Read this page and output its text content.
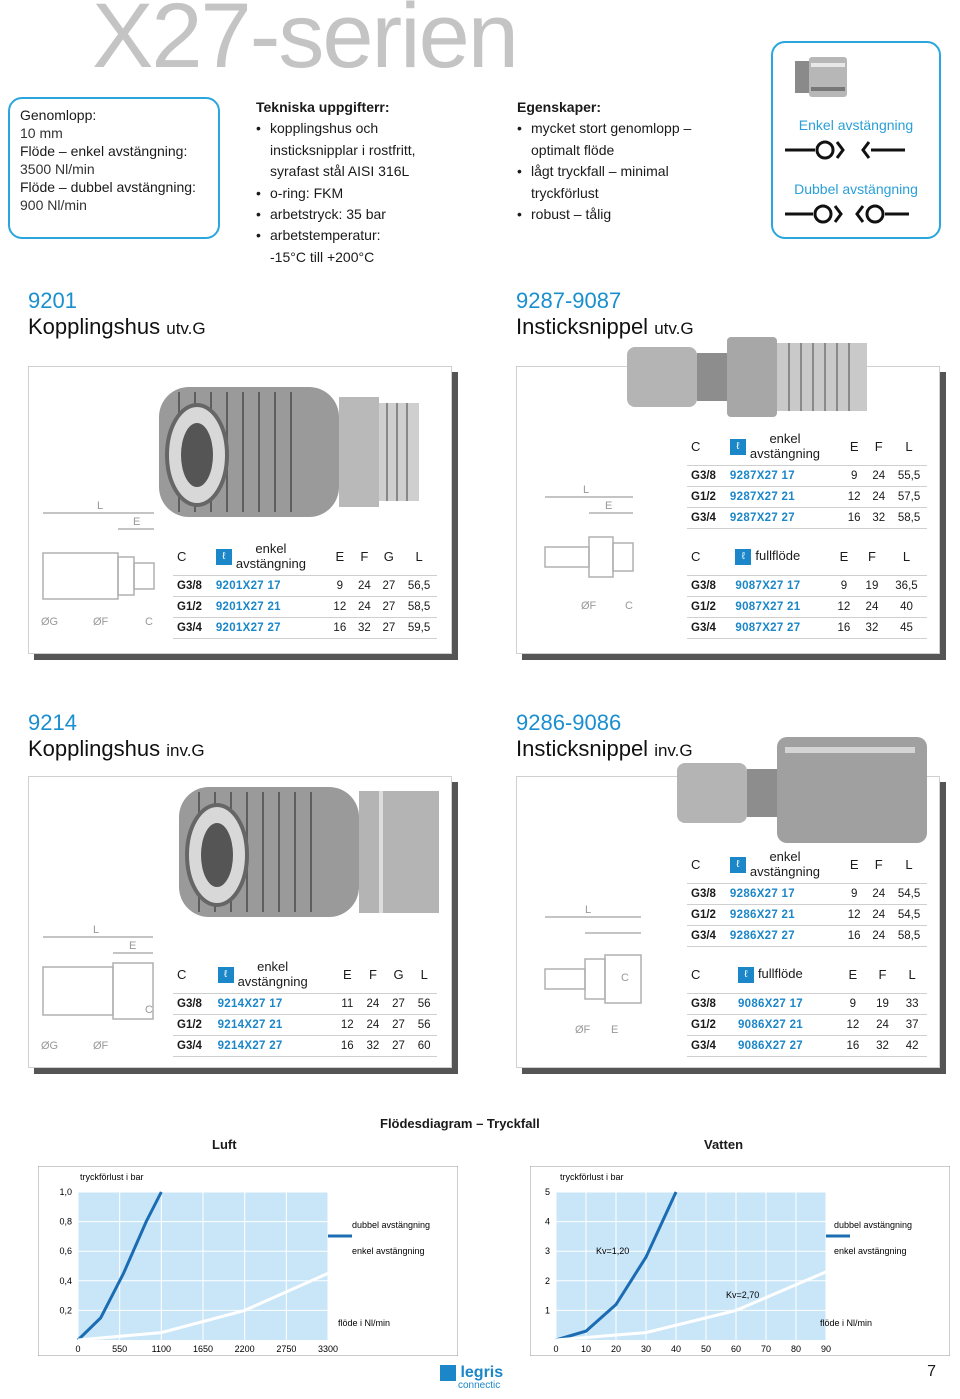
X27-serien
Genomlopp:
10 mm
Flöde – enkel avstängning:
3500 Nl/min
Flöde – dubbel avstängning:
900 Nl/min
Tekniska uppgifterr:
• kopplingshus och
insticksnipplar i rostfritt,
syrafast stål AISI 316L
• o-ring: FKM
• arbetstryck: 35 bar
• arbetstemperatur:
-15°C till +200°C
Egenskaper:
• mycket stort genomlopp –
optimalt flöde
• lågt tryckfall – minimal
tryckförlust
• robust – tålig
Enkel avstängning
Dubbel avstängning
9201
Kopplingshus utv.G
9287-9087
Insticksnippel utv.G
L
E
ØG	ØF	C
C	ℓ enkel
avstängning	E	F	G	L
G3/8	9201X27 17	9	24	27	56,5
G1/2	9201X27 21	12	24	27	58,5
G3/4	9201X27 27	16	32	27	59,5
L
E
ØF	C
C	ℓ enkel
avstängning	E	F	L
G3/8	9287X27 17	9	24	55,5
G1/2	9287X27 21	12	24	57,5
G3/4	9287X27 27	16	32	58,5
C	ℓ fullflöde	E	F	L
G3/8	9087X27 17	9	19	36,5
G1/2	9087X27 21	12	24	40
G3/4	9087X27 27	16	32	45
9214
Kopplingshus inv.G
9286-9086
Insticksnippel inv.G
L
E
ØG	ØF
C
C	ℓ enkel
avstängning	E	F	G	L
G3/8	9214X27 17	11	24	27	56
G1/2	9214X27 21	12	24	27	56
G3/4	9214X27 27	16	32	27	60
L
C
ØF E
C	ℓ enkel
avstängning	E	F	L
G3/8	9286X27 17	9	24	54,5
G1/2	9286X27 21	12	24	54,5
G3/4	9286X27 27	16	24	58,5
C	ℓ fullflöde	E	F	L
G3/8	9086X27 17	9	19	33
G1/2	9086X27 21	12	24	37
G3/4	9086X27 27	16	32	42
Flödesdiagram – Tryckfall
Luft	Vatten
tryckförlust i bar
0	550	1100 1650 2200 2750 3300
0,2
0,4
0,6
0,8
1,0
dubbel avstängning
enkel avstängning
flöde i Nl/min
tryckförlust i bar
0 10 20 30 40 50 60 70 80 90
1
2
3
4
5
Kv=1,20
Kv=2,70
dubbel avstängning
enkel avstängning
flöde i Nl/min
legris
connectic
7
